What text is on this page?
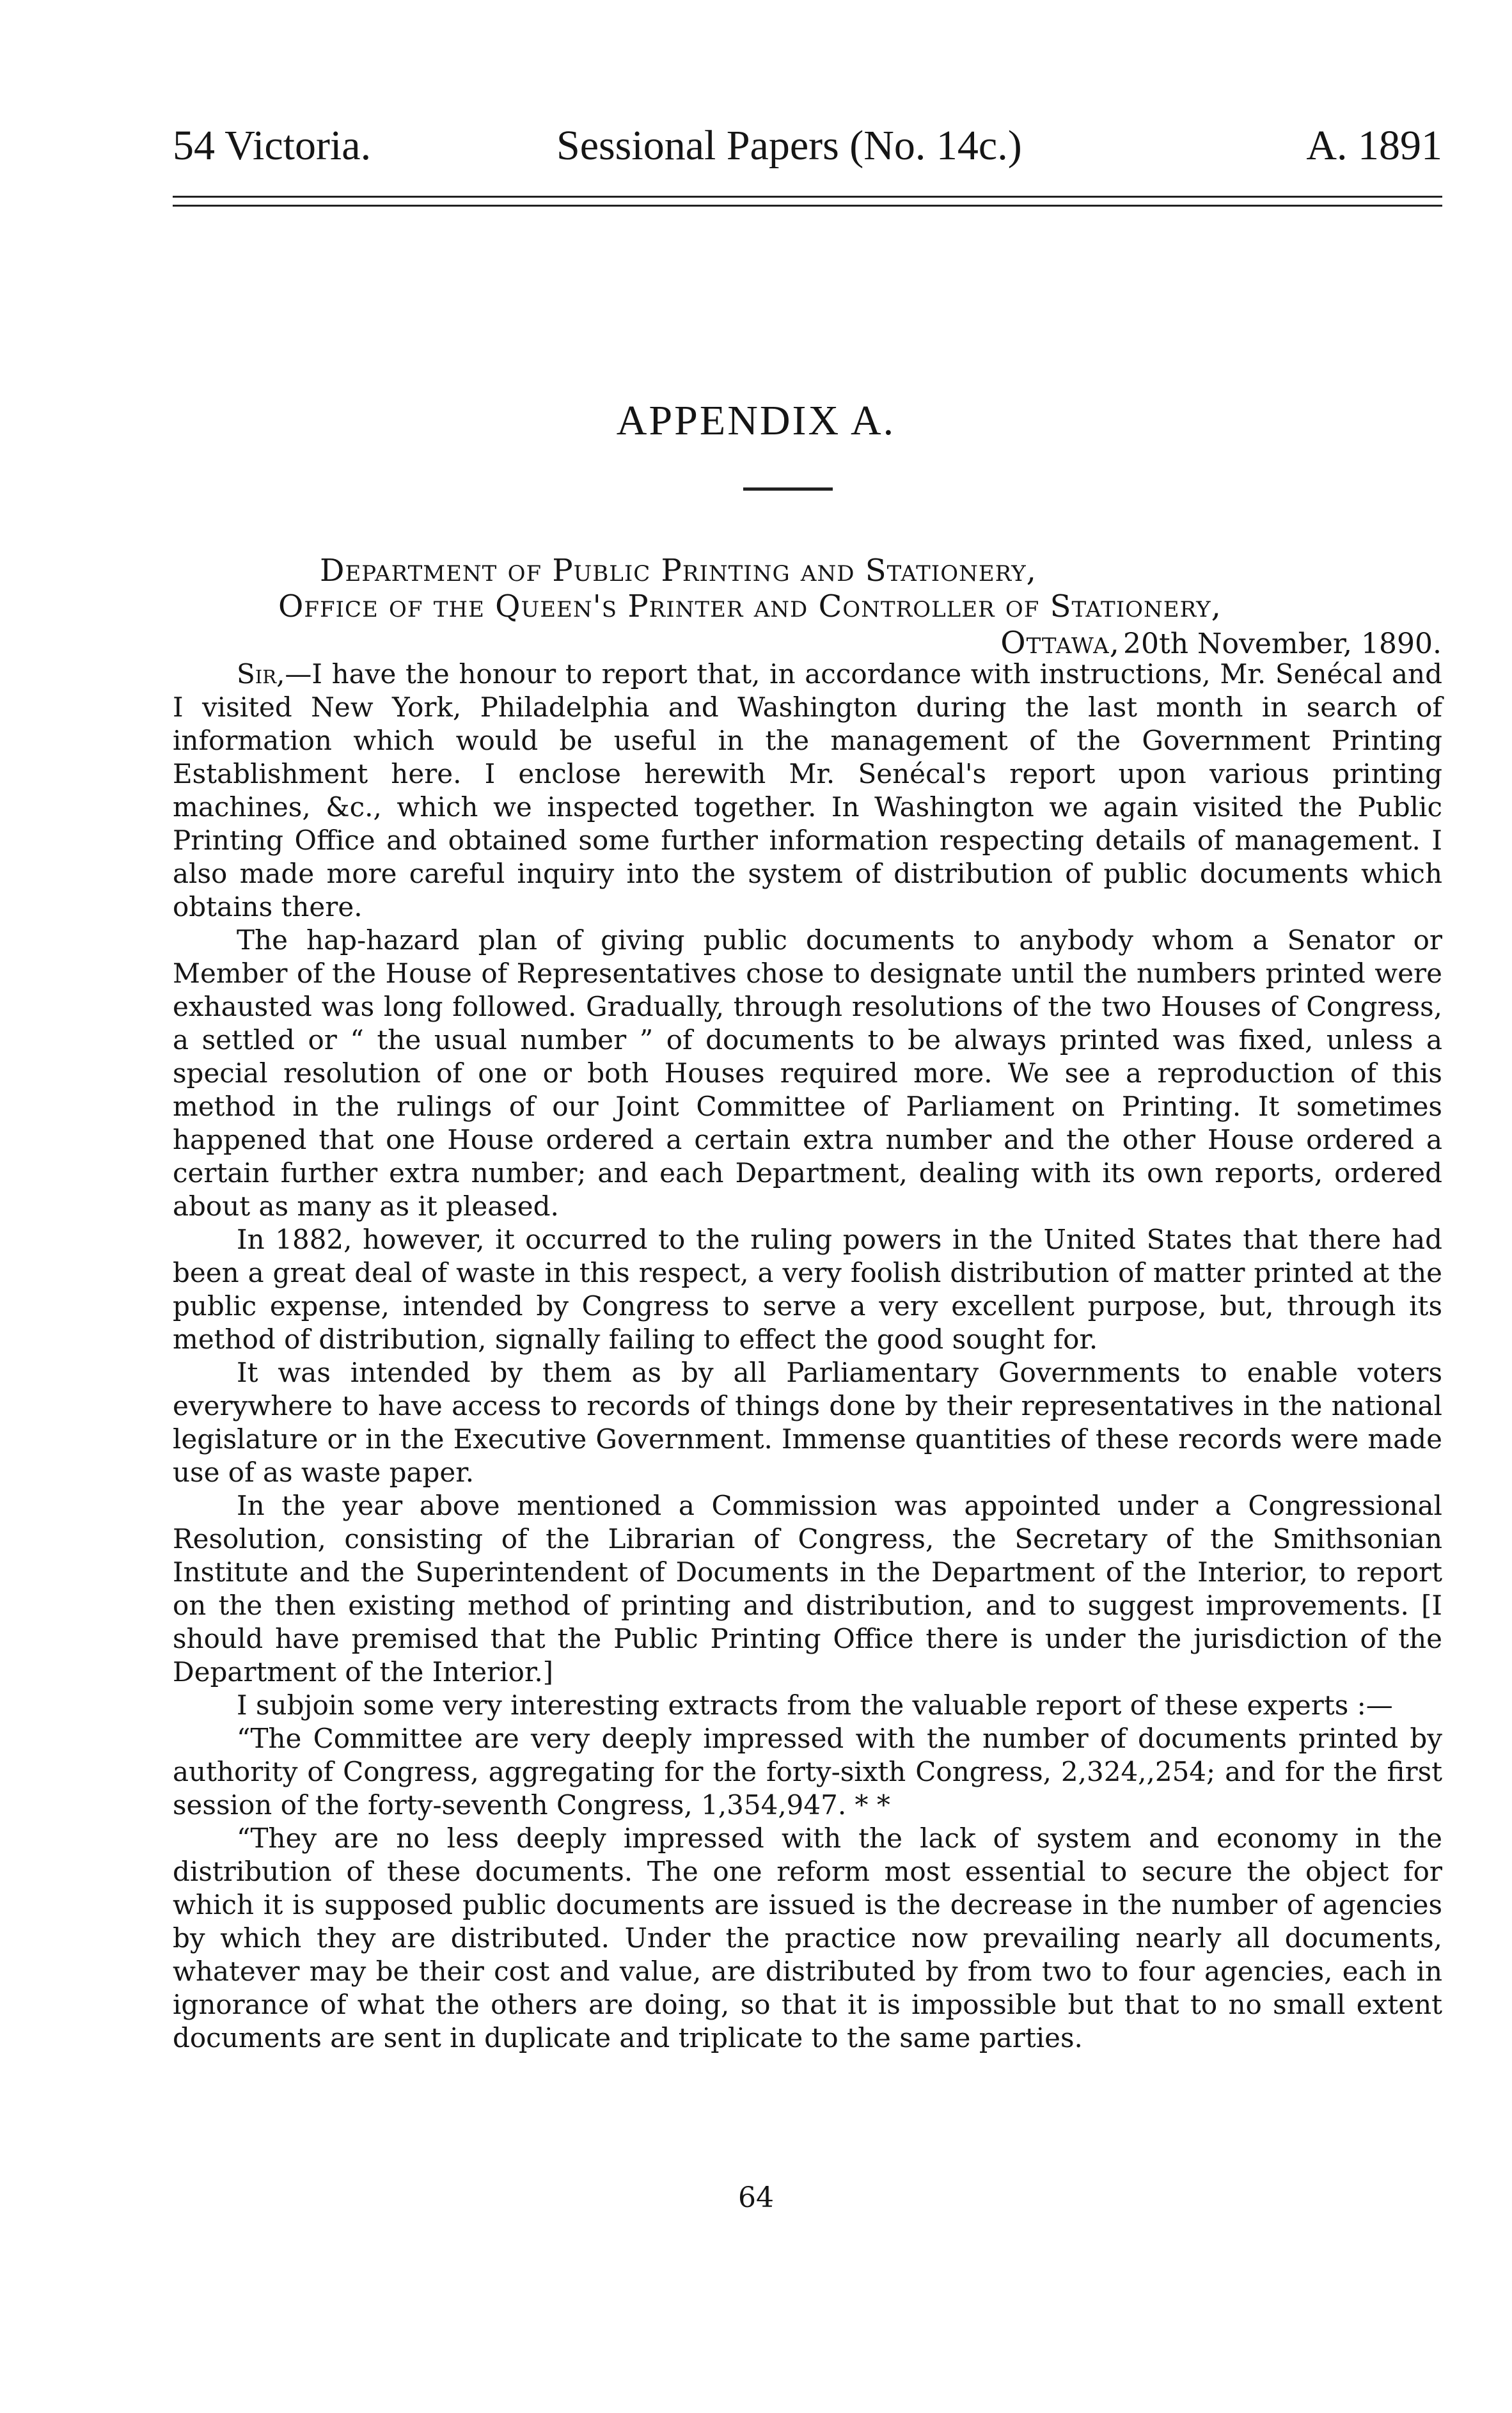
54 Victoria.	Sessional Papers (No. 14c.)	A. 1891
APPENDIX A.
Department of Public Printing and Stationery,
Office of the Queen's Printer and Controller of Stationery,
Ottawa, 20th November, 1890.

Sir,—I have the honour to report that, in accordance with instructions, Mr. Senécal and I visited New York, Philadelphia and Washington during the last month in search of information which would be useful in the management of the Government Printing Establishment here. I enclose herewith Mr. Senécal's report upon various printing machines, &c., which we inspected together. In Washington we again visited the Public Printing Office and obtained some further information respecting details of management. I also made more careful inquiry into the system of distribution of public documents which obtains there.

The hap-hazard plan of giving public documents to anybody whom a Senator or Member of the House of Representatives chose to designate until the numbers printed were exhausted was long followed. Gradually, through resolutions of the two Houses of Congress, a settled or “ the usual number ” of documents to be always printed was fixed, unless a special resolution of one or both Houses required more. We see a reproduction of this method in the rulings of our Joint Committee of Parliament on Printing. It sometimes happened that one House ordered a certain extra number and the other House ordered a certain further extra number; and each Department, dealing with its own reports, ordered about as many as it pleased.

In 1882, however, it occurred to the ruling powers in the United States that there had been a great deal of waste in this respect, a very foolish distribution of matter printed at the public expense, intended by Congress to serve a very excellent purpose, but, through its method of distribution, signally failing to effect the good sought for.

It was intended by them as by all Parliamentary Governments to enable voters everywhere to have access to records of things done by their representatives in the national legislature or in the Executive Government. Immense quantities of these records were made use of as waste paper.

In the year above mentioned a Commission was appointed under a Congressional Resolution, consisting of the Librarian of Congress, the Secretary of the Smithsonian Institute and the Superintendent of Documents in the Department of the Interior, to report on the then existing method of printing and distribution, and to suggest improvements. [I should have premised that the Public Printing Office there is under the jurisdiction of the Department of the Interior.]

I subjoin some very interesting extracts from the valuable report of these experts :—

“The Committee are very deeply impressed with the number of documents printed by authority of Congress, aggregating for the forty-sixth Congress, 2,324,,254; and for the first session of the forty-seventh Congress, 1,354,947. * *

“They are no less deeply impressed with the lack of system and economy in the distribution of these documents. The one reform most essential to secure the object for which it is supposed public documents are issued is the decrease in the number of agencies by which they are distributed. Under the practice now prevailing nearly all documents, whatever may be their cost and value, are distributed by from two to four agencies, each in ignorance of what the others are doing, so that it is impossible but that to no small extent documents are sent in duplicate and triplicate to the same parties.

64
